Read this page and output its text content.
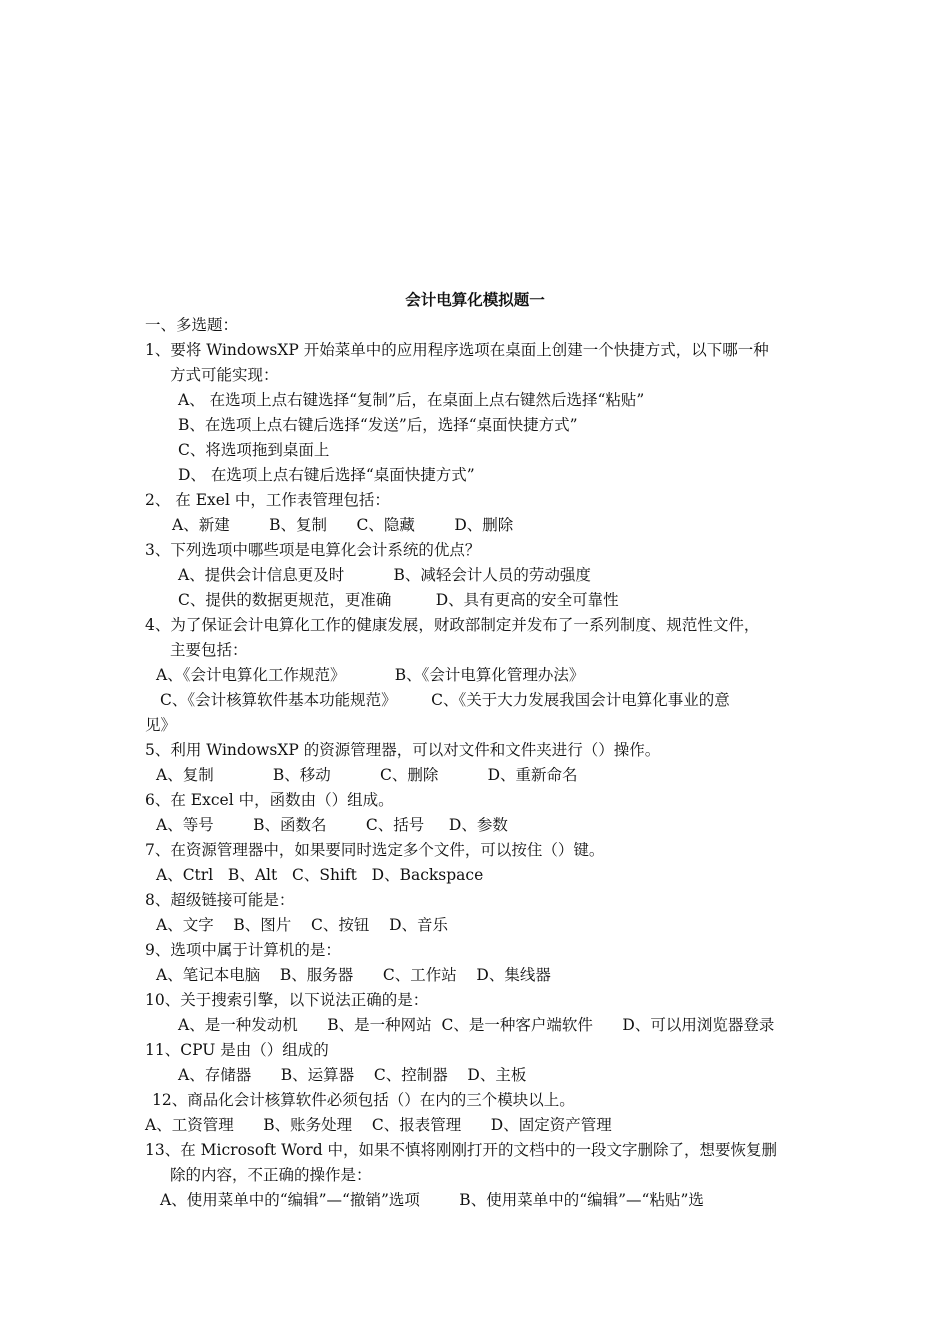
会计电算化模拟题一
一、多选题：
1、要将 WindowsXP 开始菜单中的应用程序选项在桌面上创建一个快捷方式，以下哪一种
方式可能实现：
A、 在选项上点右键选择“复制”后，在桌面上点右键然后选择“粘贴”
B、在选项上点右键后选择“发送”后，选择“桌面快捷方式”
C、将选项拖到桌面上
D、 在选项上点右键后选择“桌面快捷方式”
2、 在 Exel 中，工作表管理包括：
A、新建        B、复制      C、隐藏        D、删除
3、下列选项中哪些项是电算化会计系统的优点？
A、提供会计信息更及时          B、减轻会计人员的劳动强度
C、提供的数据更规范，更准确         D、具有更高的安全可靠性
4、为了保证会计电算化工作的健康发展，财政部制定并发布了一系列制度、规范性文件，
主要包括：
A、《会计电算化工作规范》          B、《会计电算化管理办法》
C、《会计核算软件基本功能规范》       C、《关于大力发展我国会计电算化事业的意
见》
5、利用 WindowsXP 的资源管理器，可以对文件和文件夹进行（）操作。
A、复制            B、移动          C、删除          D、重新命名
6、在 Excel 中，函数由（）组成。
A、等号        B、函数名        C、括号     D、参数
7、在资源管理器中，如果要同时选定多个文件，可以按住（）键。
A、Ctrl   B、Alt   C、Shift   D、Backspace
8、超级链接可能是：
A、文字    B、图片    C、按钮    D、音乐
9、选项中属于计算机的是：
A、笔记本电脑    B、服务器      C、工作站    D、集线器
10、关于搜索引擎，以下说法正确的是：
A、是一种发动机      B、是一种网站  C、是一种客户端软件      D、可以用浏览器登录
11、CPU 是由（）组成的
A、存储器      B、运算器    C、控制器    D、主板
12、商品化会计核算软件必须包括（）在内的三个模块以上。
A、工资管理      B、账务处理    C、报表管理      D、固定资产管理
13、在 Microsoft Word 中，如果不慎将刚刚打开的文档中的一段文字删除了，想要恢复删
除的内容，不正确的操作是：
A、使用菜单中的“编辑”—“撤销”选项        B、使用菜单中的“编辑”—“粘贴”选
